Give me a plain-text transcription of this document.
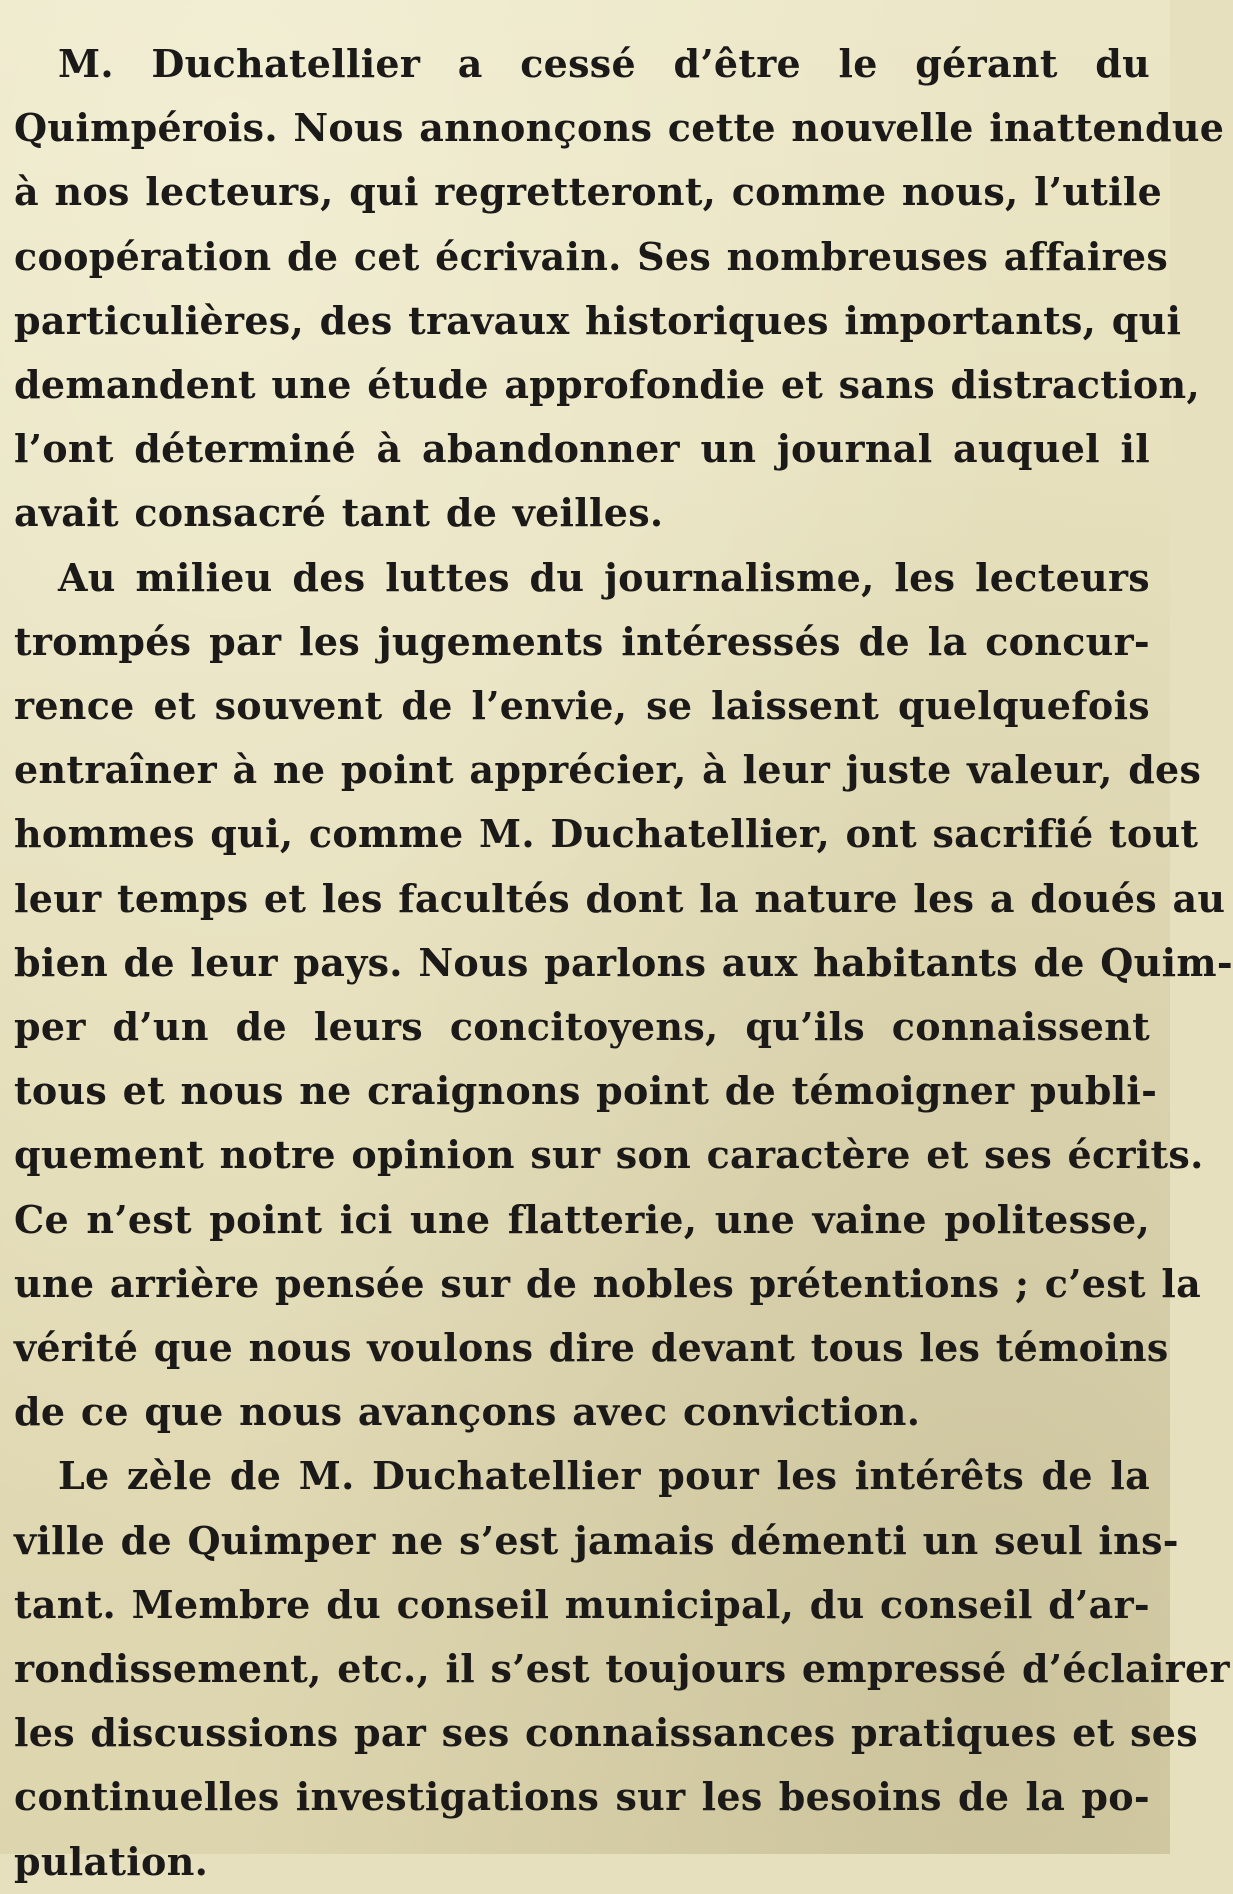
M. Duchatellier a cessé d’être le gérant du
Quimpérois. Nous annonçons cette nouvelle inattendue
à nos lecteurs, qui regretteront, comme nous, l’utile
coopération de cet écrivain. Ses nombreuses affaires
particulières, des travaux historiques importants, qui
demandent une étude approfondie et sans distraction,
l’ont déterminé à abandonner un journal auquel il
avait consacré tant de veilles.
Au milieu des luttes du journalisme, les lecteurs
trompés par les jugements intéressés de la concur-
rence et souvent de l’envie, se laissent quelquefois
entraîner à ne point apprécier, à leur juste valeur, des
hommes qui, comme M. Duchatellier, ont sacrifié tout
leur temps et les facultés dont la nature les a doués au
bien de leur pays. Nous parlons aux habitants de Quim-
per d’un de leurs concitoyens, qu’ils connaissent
tous et nous ne craignons point de témoigner publi-
quement notre opinion sur son caractère et ses écrits.
Ce n’est point ici une flatterie, une vaine politesse,
une arrière pensée sur de nobles prétentions ; c’est la
vérité que nous voulons dire devant tous les témoins
de ce que nous avançons avec conviction.
Le zèle de M. Duchatellier pour les intérêts de la
ville de Quimper ne s’est jamais démenti un seul ins-
tant. Membre du conseil municipal, du conseil d’ar-
rondissement, etc., il s’est toujours empressé d’éclairer
les discussions par ses connaissances pratiques et ses
continuelles investigations sur les besoins de la po-
pulation.
